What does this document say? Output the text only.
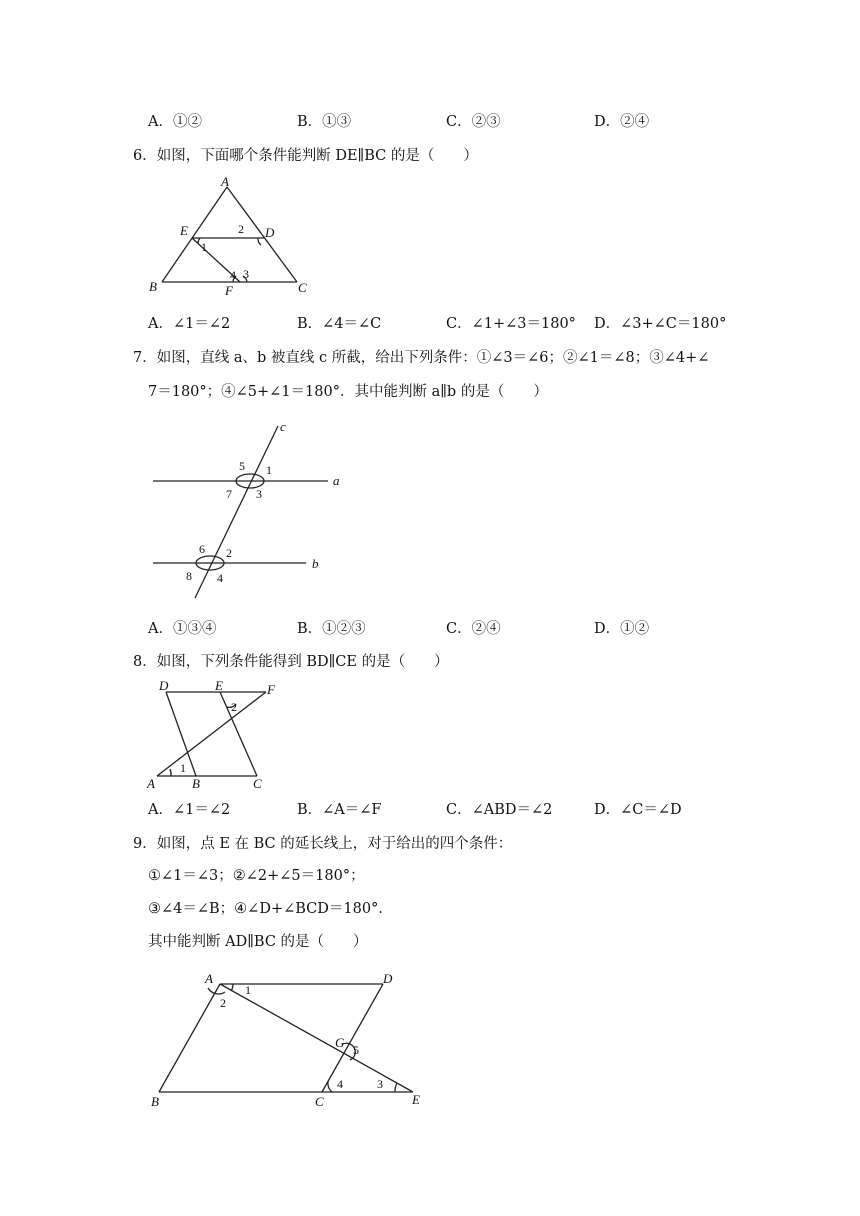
A．①②	B．①③	C．②③	D．②④
6．如图，下面哪个条件能判断 DE∥BC 的是（　　）
A
E	D
B	F	C
1
2
4 3
A．∠1＝∠2	B．∠4＝∠C	C．∠1+∠3＝180° D．∠3+∠C＝180°
7．如图，直线 a、b 被直线 c 所截，给出下列条件：①∠3＝∠6；②∠1＝∠8；③∠4+∠
7＝180°；④∠5+∠1＝180°．其中能判断 a∥b 的是（　　）
c
a
b
5 1
7 3
6 2
8 4
A．①③④	B．①②③	C．②④	D．①②
8．如图，下列条件能得到 BD∥CE 的是（　　）
D	E	F
A	B	C
1
2
A．∠1＝∠2	B．∠A＝∠F	C．∠ABD＝∠2	D．∠C＝∠D
9．如图，点 E 在 BC 的延长线上，对于给出的四个条件：
①∠1＝∠3；②∠2+∠5＝180°；
③∠4＝∠B；④∠D+∠BCD＝180°．
其中能判断 AD∥BC 的是（　　）
A	D
G
B	C	E
1
2
5
4	3
